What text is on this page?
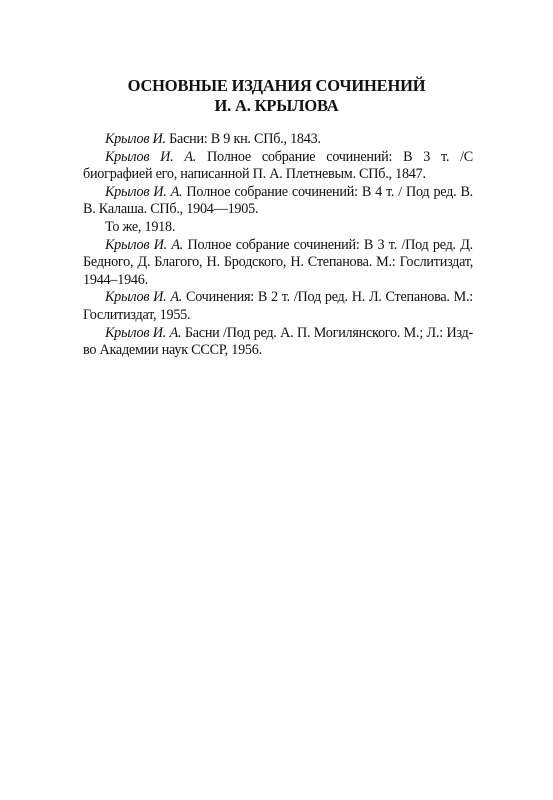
ОСНОВНЫЕ ИЗДАНИЯ СОЧИНЕНИЙ
И. А. КРЫЛОВА

Крылов И. Басни: В 9 кн. СПб., 1843.

Крылов И. А. Полное собрание сочинений: В 3 т. /С биографией его, написанной П. А. Плетневым. СПб., 1847.

Крылов И. А. Полное собрание сочинений: В 4 т. / Под ред. В. В. Калаша. СПб., 1904—1905.

То же, 1918.

Крылов И. А. Полное собрание сочинений: В 3 т. /Под ред. Д. Бедного, Д. Благого, Н. Бродского, Н. Степанова. М.: Гослитиздат, 1944–1946.

Крылов И. А. Сочинения: В 2 т. /Под ред. Н. Л. Степанова. М.: Гослитиздат, 1955.

Крылов И. А. Басни /Под ред. А. П. Могилянского. М.; Л.: Изд-во Академии наук СССР, 1956.
